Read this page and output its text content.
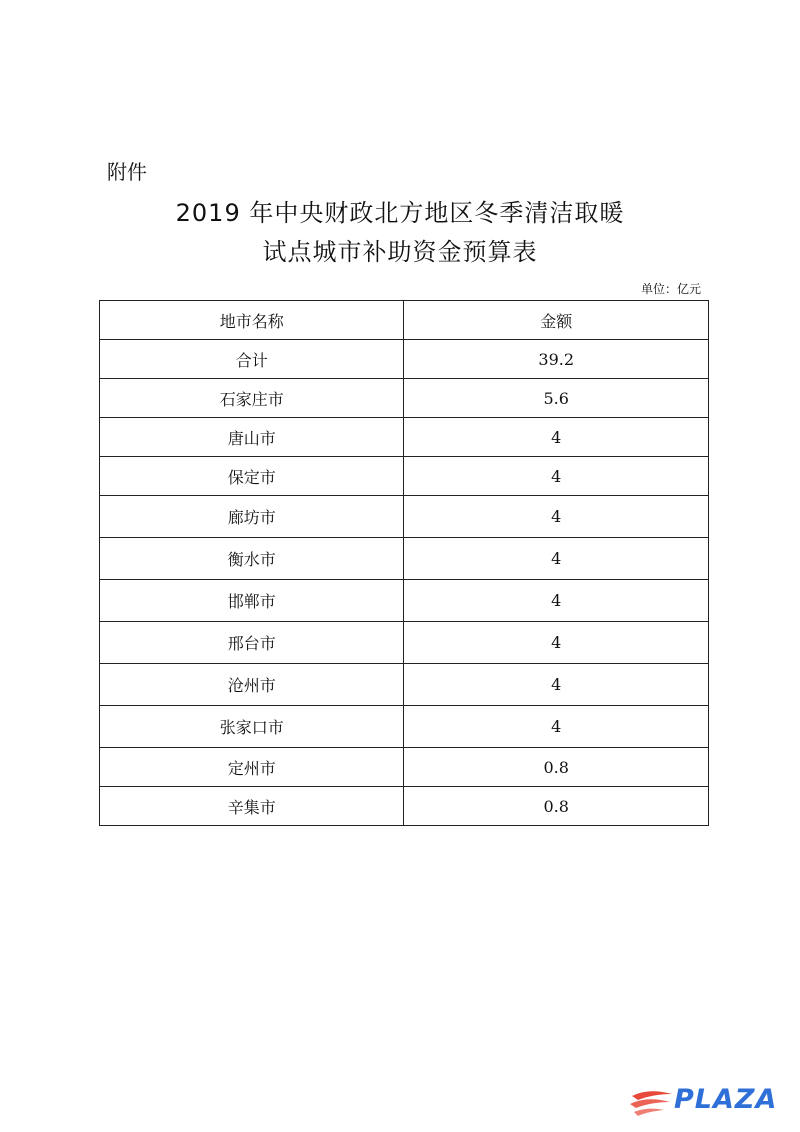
附件
2019 年中央财政北方地区冬季清洁取暖
试点城市补助资金预算表
单位：亿元
地市名称	金额
合计	39.2
石家庄市	5.6
唐山市	4
保定市	4
廊坊市	4
衡水市	4
邯郸市	4
邢台市	4
沧州市	4
张家口市	4
定州市	0.8
辛集市	0.8
PLAZA
